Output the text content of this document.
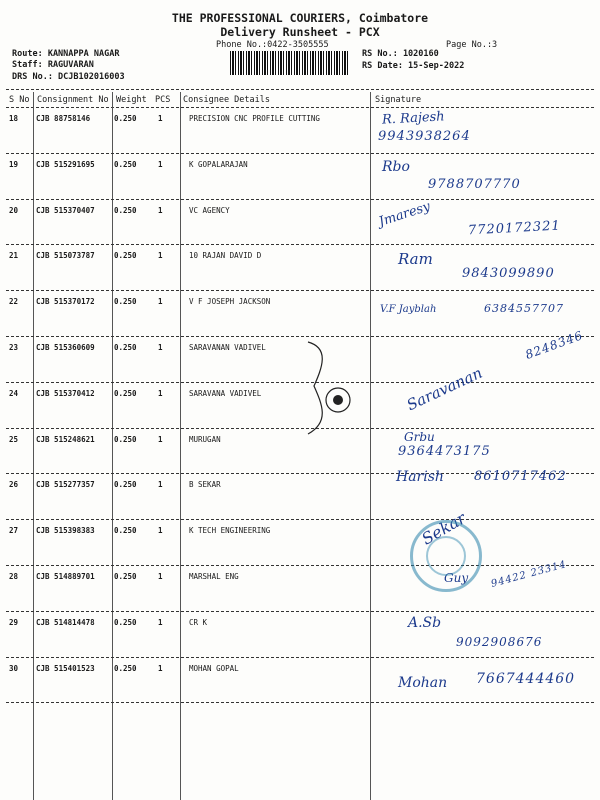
THE PROFESSIONAL COURIERS, Coimbatore
Delivery Runsheet - PCX
Phone No.:0422-3505555	Page No.:3
Route: KANNAPPA NAGAR
Staff: RAGUVARAN
DRS No.: DCJB102016003
RS No.: 1020160
RS Date: 15-Sep-2022
S No Consignment No Weight PCS Consignee Details	Signature
18 CJB 88758146	0.250	1	PRECISION CNC PROFILE CUTTING	R. Rajesh
9943938264
19 CJB 515291695	0.250	1	K GOPALARAJAN	Rbo
9788707770
20 CJB 515370407	0.250	1	VC AGENCY	Jmaresy	7720172321
21 CJB 515073787	0.250	1	10 RAJAN DAVID D	Ram
9843099890
22 CJB 515370172	0.250	1	V F JOSEPH JACKSON
V.F Jayblah	6384557707
23 CJB 515360609	0.250	1	SARAVANAN VADIVEL	8248346
24 CJB 515370412	0.250	1	SARAVANA VADIVEL	Saravanan
25 CJB 515248621	0.250	1	MURUGAN	Grbu
9364473175
26 CJB 515277357	0.250	1	B SEKAR	Harish 8610717462
27 CJB 515398383	0.250	1	K TECH ENGINEERING	Sekar
28 CJB 514889701	0.250	1	MARSHAL ENG	Guy 94422 23314
29 CJB 514814478	0.250	1	CR K	A.Sb
9092908676
30 CJB 515401523	0.250	1	MOHAN GOPAL
Mohan 7667444460
